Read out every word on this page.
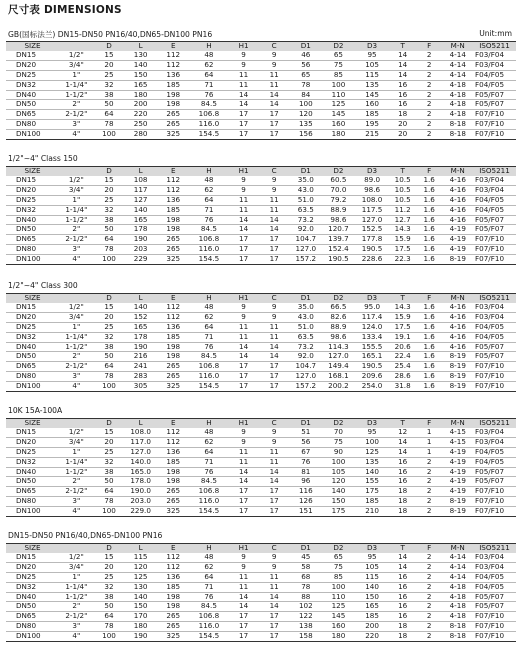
尺寸表 DIMENSIONS
GB(国标法兰) DN15-DN50 PN16/40,DN65-DN100 PN16	Unit:mm
SIZE		D	L	E	H	H1	C	D1	D2	D3	T	F	M-N	ISO5211
DN15	1/2"	15	130	112	48	9	9	46	65	95	14	2	4-14	F03/F04
DN20	3/4"	20	140	112	62	9	9	56	75	105	14	2	4-14	F03/F04
DN25	1"	25	150	136	64	11	11	65	85	115	14	2	4-14	F04/F05
DN32	1-1/4"	32	165	185	71	11	11	78	100	135	16	2	4-18	F04/F05
DN40	1-1/2"	38	180	198	76	14	14	84	110	145	16	2	4-18	F05/F07
DN50	2"	50	200	198	84.5	14	14	100	125	160	16	2	4-18	F05/F07
DN65	2-1/2"	64	220	265	106.8	17	17	120	145	185	18	2	4-18	F07/F10
DN80	3"	78	250	265	116.0	17	17	135	160	195	20	2	8-18	F07/F10
DN100	4"	100	280	325	154.5	17	17	156	180	215	20	2	8-18	F07/F10
1/2"~4" Class 150
SIZE		D	L	E	H	H1	C	D1	D2	D3	T	F	M-N	ISO5211
DN15	1/2"	15	108	112	48	9	9	35.0	60.5	89.0	10.5	1.6	4-16	F03/F04
DN20	3/4"	20	117	112	62	9	9	43.0	70.0	98.6	10.5	1.6	4-16	F03/F04
DN25	1"	25	127	136	64	11	11	51.0	79.2	108.0	10.5	1.6	4-16	F04/F05
DN32	1-1/4"	32	140	185	71	11	11	63.5	88.9	117.5	11.2	1.6	4-16	F04/F05
DN40	1-1/2"	38	165	198	76	14	14	73.2	98.6	127.0	12.7	1.6	4-16	F05/F07
DN50	2"	50	178	198	84.5	14	14	92.0	120.7	152.5	14.3	1.6	4-19	F05/F07
DN65	2-1/2"	64	190	265	106.8	17	17	104.7	139.7	177.8	15.9	1.6	4-19	F07/F10
DN80	3"	78	203	265	116.0	17	17	127.0	152.4	190.5	17.5	1.6	4-19	F07/F10
DN100	4"	100	229	325	154.5	17	17	157.2	190.5	228.6	22.3	1.6	8-19	F07/F10
1/2"~4" Class 300
SIZE		D	L	E	H	H1	C	D1	D2	D3	T	F	M-N	ISO5211
DN15	1/2"	15	140	112	48	9	9	35.0	66.5	95.0	14.3	1.6	4-16	F03/F04
DN20	3/4"	20	152	112	62	9	9	43.0	82.6	117.4	15.9	1.6	4-16	F03/F04
DN25	1"	25	165	136	64	11	11	51.0	88.9	124.0	17.5	1.6	4-16	F04/F05
DN32	1-1/4"	32	178	185	71	11	11	63.5	98.6	133.4	19.1	1.6	4-16	F04/F05
DN40	1-1/2"	38	190	198	76	14	14	73.2	114.3	155.5	20.6	1.6	4-16	F05/F07
DN50	2"	50	216	198	84.5	14	14	92.0	127.0	165.1	22.4	1.6	8-19	F05/F07
DN65	2-1/2"	64	241	265	106.8	17	17	104.7	149.4	190.5	25.4	1.6	8-19	F07/F10
DN80	3"	78	283	265	116.0	17	17	127.0	168.1	209.6	28.6	1.6	8-19	F07/F10
DN100	4"	100	305	325	154.5	17	17	157.2	200.2	254.0	31.8	1.6	8-19	F07/F10
10K 15A-100A
SIZE		D	L	E	H	H1	C	D1	D2	D3	T	F	M-N	ISO5211
DN15	1/2"	15	108.0	112	48	9	9	51	70	95	12	1	4-15	F03/F04
DN20	3/4"	20	117.0	112	62	9	9	56	75	100	14	1	4-15	F03/F04
DN25	1"	25	127.0	136	64	11	11	67	90	125	14	1	4-19	F04/F05
DN32	1-1/4"	32	140.0	185	71	11	11	76	100	135	16	2	4-19	F04/F05
DN40	1-1/2"	38	165.0	198	76	14	14	81	105	140	16	2	4-19	F05/F07
DN50	2"	50	178.0	198	84.5	14	14	96	120	155	16	2	4-19	F05/F07
DN65	2-1/2"	64	190.0	265	106.8	17	17	116	140	175	18	2	4-19	F07/F10
DN80	3"	78	203.0	265	116.0	17	17	126	150	185	18	2	8-19	F07/F10
DN100	4"	100	229.0	325	154.5	17	17	151	175	210	18	2	8-19	F07/F10
DN15-DN50 PN16/40,DN65-DN100 PN16
SIZE		D	L	E	H	H1	C	D1	D2	D3	T	F	M-N	ISO5211
DN15	1/2"	15	115	112	48	9	9	45	65	95	14	2	4-14	F03/F04
DN20	3/4"	20	120	112	62	9	9	58	75	105	14	2	4-14	F03/F04
DN25	1"	25	125	136	64	11	11	68	85	115	16	2	4-14	F04/F05
DN32	1-1/4"	32	130	185	71	11	11	78	100	140	16	2	4-18	F04/F05
DN40	1-1/2"	38	140	198	76	14	14	88	110	150	16	2	4-18	F05/F07
DN50	2"	50	150	198	84.5	14	14	102	125	165	16	2	4-18	F05/F07
DN65	2-1/2"	64	170	265	106.8	17	17	122	145	185	16	2	4-18	F07/F10
DN80	3"	78	180	265	116.0	17	17	138	160	200	18	2	8-18	F07/F10
DN100	4"	100	190	325	154.5	17	17	158	180	220	18	2	8-18	F07/F10
